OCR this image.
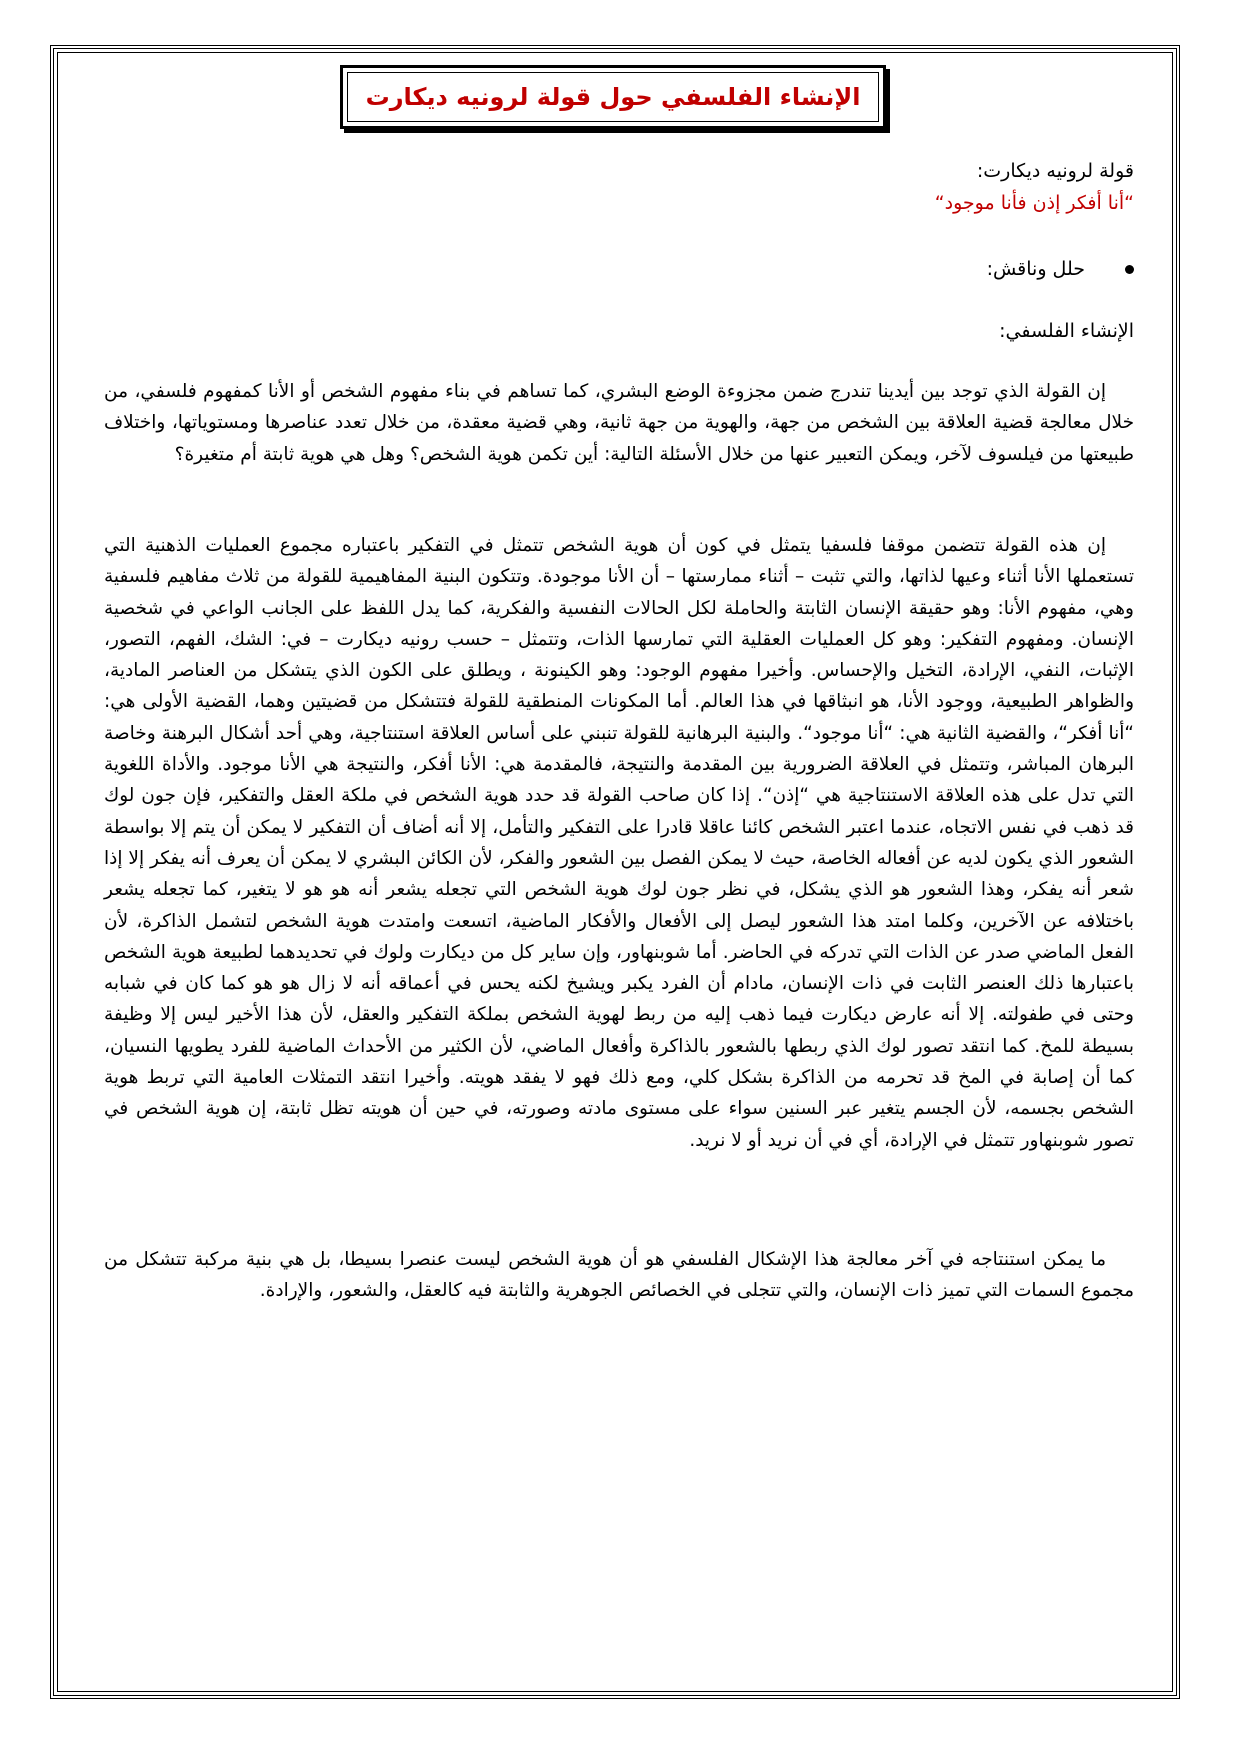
الإنشاء الفلسفي حول قولة لرونيه ديكارت
قولة لرونيه ديكارت:
“أنا أفكر إذن فأنا موجود“
حلل وناقش:
الإنشاء الفلسفي:

إن القولة الذي توجد بين أيدينا تندرج ضمن مجزوءة الوضع البشري، كما تساهم في بناء مفهوم الشخص أو الأنا كمفهوم فلسفي، من خلال معالجة قضية العلاقة بين الشخص من جهة، والهوية من جهة ثانية، وهي قضية معقدة، من خلال تعدد عناصرها ومستوياتها، واختلاف طبيعتها من فيلسوف لآخر، ويمكن التعبير عنها من خلال الأسئلة التالية: أين تكمن هوية الشخص؟ وهل هي هوية ثابتة أم متغيرة؟

إن هذه القولة تتضمن موقفا فلسفيا يتمثل في كون أن هوية الشخص تتمثل في التفكير باعتباره مجموع العمليات الذهنية التي تستعملها الأنا أثناء وعيها لذاتها، والتي تثبت – أثناء ممارستها – أن الأنا موجودة. وتتكون البنية المفاهيمية للقولة من ثلاث مفاهيم فلسفية وهي، مفهوم الأنا: وهو حقيقة الإنسان الثابتة والحاملة لكل الحالات النفسية والفكرية، كما يدل اللفظ على الجانب الواعي في شخصية الإنسان. ومفهوم التفكير: وهو كل العمليات العقلية التي تمارسها الذات، وتتمثل – حسب رونيه ديكارت – في: الشك، الفهم، التصور، الإثبات، النفي، الإرادة، التخيل والإحساس. وأخيرا مفهوم الوجود: وهو الكينونة ، ويطلق على الكون الذي يتشكل من العناصر المادية، والظواهر الطبيعية، ووجود الأنا، هو انبثاقها في هذا العالم. أما المكونات المنطقية للقولة فتتشكل من قضيتين وهما، القضية الأولى هي: “أنا أفكر“، والقضية الثانية هي: “أنا موجود“. والبنية البرهانية للقولة تنبني على أساس العلاقة استنتاجية، وهي أحد أشكال البرهنة وخاصة البرهان المباشر، وتتمثل في العلاقة الضرورية بين المقدمة والنتيجة، فالمقدمة هي: الأنا أفكر، والنتيجة هي الأنا موجود. والأداة اللغوية التي تدل على هذه العلاقة الاستنتاجية هي “إذن“. إذا كان صاحب القولة قد حدد هوية الشخص في ملكة العقل والتفكير، فإن جون لوك قد ذهب في نفس الاتجاه، عندما اعتبر الشخص كائنا عاقلا قادرا على التفكير والتأمل، إلا أنه أضاف أن التفكير لا يمكن أن يتم إلا بواسطة الشعور الذي يكون لديه عن أفعاله الخاصة، حيث لا يمكن الفصل بين الشعور والفكر، لأن الكائن البشري لا يمكن أن يعرف أنه يفكر إلا إذا شعر أنه يفكر، وهذا الشعور هو الذي يشكل، في نظر جون لوك هوية الشخص التي تجعله يشعر أنه هو هو لا يتغير، كما تجعله يشعر باختلافه عن الآخرين، وكلما امتد هذا الشعور ليصل إلى الأفعال والأفكار الماضية، اتسعت وامتدت هوية الشخص لتشمل الذاكرة، لأن الفعل الماضي صدر عن الذات التي تدركه في الحاضر. أما شوبنهاور، وإن ساير كل من ديكارت ولوك في تحديدهما لطبيعة هوية الشخص باعتبارها ذلك العنصر الثابت في ذات الإنسان، مادام أن الفرد يكبر ويشيخ لكنه يحس في أعماقه أنه لا زال هو هو كما كان في شبابه وحتى في طفولته. إلا أنه عارض ديكارت فيما ذهب إليه من ربط لهوية الشخص بملكة التفكير والعقل، لأن هذا الأخير ليس إلا وظيفة بسيطة للمخ. كما انتقد تصور لوك الذي ربطها بالشعور بالذاكرة وأفعال الماضي، لأن الكثير من الأحداث الماضية للفرد يطويها النسيان، كما أن إصابة في المخ قد تحرمه من الذاكرة بشكل كلي، ومع ذلك فهو لا يفقد هويته. وأخيرا انتقد التمثلات العامية التي تربط هوية الشخص بجسمه، لأن الجسم يتغير عبر السنين سواء على مستوى مادته وصورته، في حين أن هويته تظل ثابتة، إن هوية الشخص في تصور شوبنهاور تتمثل في الإرادة، أي في أن نريد أو لا نريد.

ما يمكن استنتاجه في آخر معالجة هذا الإشكال الفلسفي هو أن هوية الشخص ليست عنصرا بسيطا، بل هي بنية مركبة تتشكل من مجموع السمات التي تميز ذات الإنسان، والتي تتجلى في الخصائص الجوهرية والثابتة فيه كالعقل، والشعور، والإرادة.
